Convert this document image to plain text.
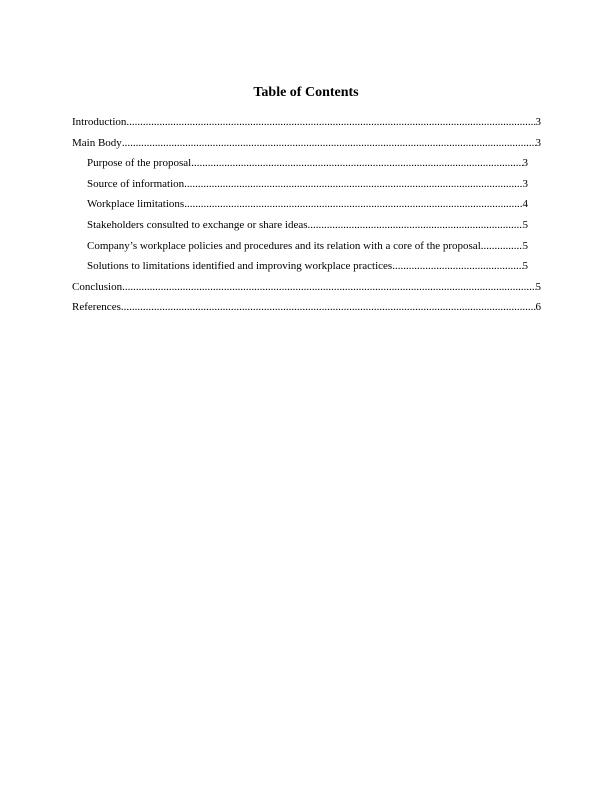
Table of Contents
Introduction .....	3
Main Body .....	3
Purpose of the proposal .....	3
Source of information .....	3
Workplace limitations .....	4
Stakeholders consulted to exchange or share ideas .....	5
Company’s workplace policies and procedures and its relation with a core of the proposal .....	5
Solutions to limitations identified and improving workplace practices .....	5
Conclusion .....	5
References .....	6
